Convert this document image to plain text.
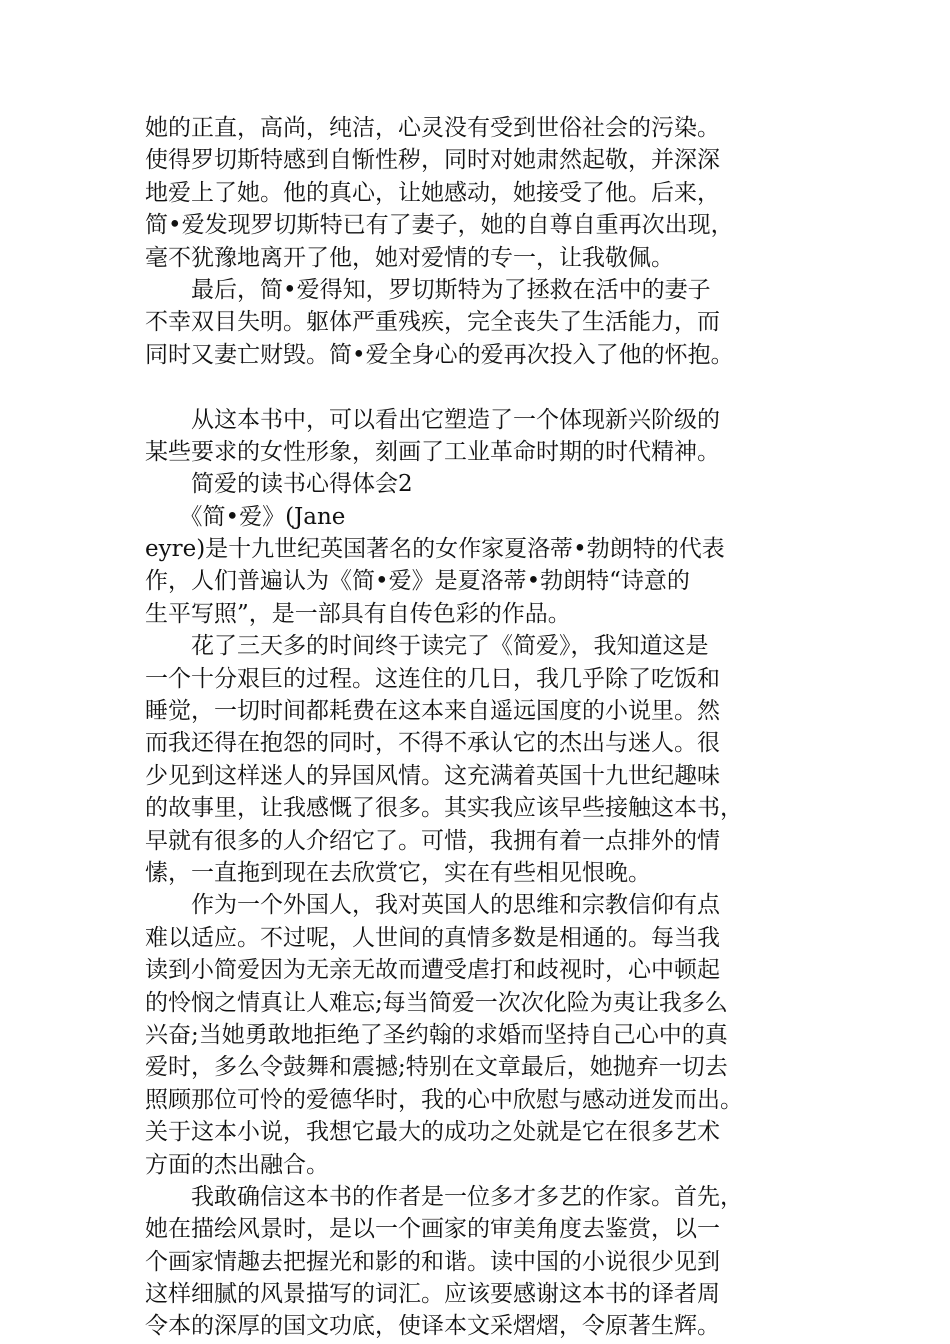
她的正直，高尚，纯洁，心灵没有受到世俗社会的污染。
使得罗切斯特感到自惭性秽，同时对她肃然起敬，并深深
地爱上了她。他的真心，让她感动，她接受了他。后来，
简•爱发现罗切斯特已有了妻子，她的自尊自重再次出现，
毫不犹豫地离开了他，她对爱情的专一，让我敬佩。
　　最后，简•爱得知，罗切斯特为了拯救在活中的妻子
不幸双目失明。躯体严重残疾，完全丧失了生活能力，而
同时又妻亡财毁。简•爱全身心的爱再次投入了他的怀抱。
　　从这本书中，可以看出它塑造了一个体现新兴阶级的
某些要求的女性形象，刻画了工业革命时期的时代精神。
　　简爱的读书心得体会2
　　《简•爱》(Jane
eyre)是十九世纪英国著名的女作家夏洛蒂•勃朗特的代表
作，人们普遍认为《简•爱》是夏洛蒂•勃朗特“诗意的
生平写照”，是一部具有自传色彩的作品。
　　花了三天多的时间终于读完了《简爱》，我知道这是
一个十分艰巨的过程。这连住的几日，我几乎除了吃饭和
睡觉，一切时间都耗费在这本来自遥远国度的小说里。然
而我还得在抱怨的同时，不得不承认它的杰出与迷人。很
少见到这样迷人的异国风情。这充满着英国十九世纪趣味
的故事里，让我感慨了很多。其实我应该早些接触这本书，
早就有很多的人介绍它了。可惜，我拥有着一点排外的情
愫，一直拖到现在去欣赏它，实在有些相见恨晚。
　　作为一个外国人，我对英国人的思维和宗教信仰有点
难以适应。不过呢，人世间的真情多数是相通的。每当我
读到小简爱因为无亲无故而遭受虐打和歧视时，心中顿起
的怜悯之情真让人难忘;每当简爱一次次化险为夷让我多么
兴奋;当她勇敢地拒绝了圣约翰的求婚而坚持自己心中的真
爱时，多么令鼓舞和震撼;特别在文章最后，她抛弃一切去
照顾那位可怜的爱德华时，我的心中欣慰与感动迸发而出。
关于这本小说，我想它最大的成功之处就是它在很多艺术
方面的杰出融合。
　　我敢确信这本书的作者是一位多才多艺的作家。首先，
她在描绘风景时，是以一个画家的审美角度去鉴赏，以一
个画家情趣去把握光和影的和谐。读中国的小说很少见到
这样细腻的风景描写的词汇。应该要感谢这本书的译者周
令本的深厚的国文功底，使译本文采熠熠，令原著生辉。
